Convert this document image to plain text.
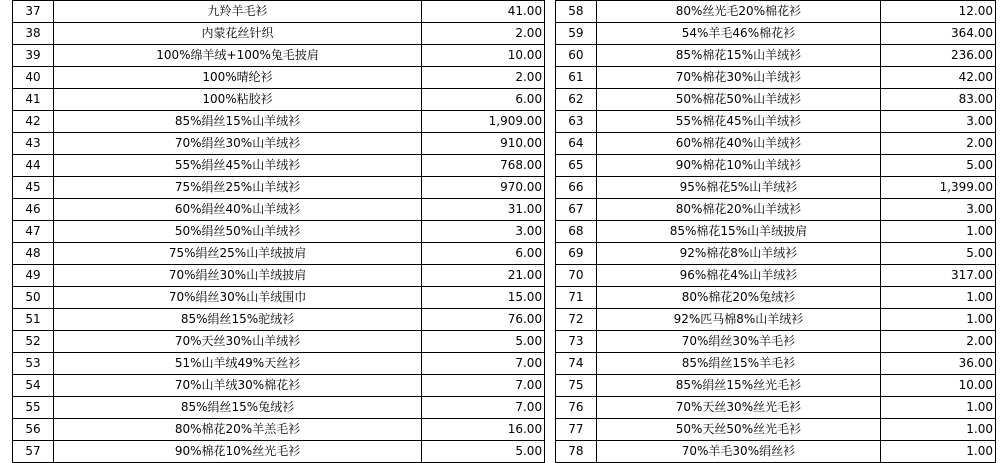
37	九羚羊毛衫	41.00
38	内蒙花丝针织	2.00
39	100%绵羊绒+100%兔毛披肩	10.00
40	100%晴纶衫	2.00
41	100%粘胶衫	6.00
42	85%绢丝15%山羊绒衫	1,909.00
43	70%绢丝30%山羊绒衫	910.00
44	55%绢丝45%山羊绒衫	768.00
45	75%绢丝25%山羊绒衫	970.00
46	60%绢丝40%山羊绒衫	31.00
47	50%绢丝50%山羊绒衫	3.00
48	75%绢丝25%山羊绒披肩	6.00
49	70%绢丝30%山羊绒披肩	21.00
50	70%绢丝30%山羊绒围巾	15.00
51	85%绢丝15%驼绒衫	76.00
52	70%天丝30%山羊绒衫	5.00
53	51%山羊绒49%天丝衫	7.00
54	70%山羊绒30%棉花衫	7.00
55	85%绢丝15%兔绒衫	7.00
56	80%棉花20%羊羔毛衫	16.00
57	90%棉花10%丝光毛衫	5.00
58	80%丝光毛20%棉花衫	12.00
59	54%羊毛46%棉花衫	364.00
60	85%棉花15%山羊绒衫	236.00
61	70%棉花30%山羊绒衫	42.00
62	50%棉花50%山羊绒衫	83.00
63	55%棉花45%山羊绒衫	3.00
64	60%棉花40%山羊绒衫	2.00
65	90%棉花10%山羊绒衫	5.00
66	95%棉花5%山羊绒衫	1,399.00
67	80%棉花20%山羊绒衫	3.00
68	85%棉花15%山羊绒披肩	1.00
69	92%棉花8%山羊绒衫	5.00
70	96%棉花4%山羊绒衫	317.00
71	80%棉花20%兔绒衫	1.00
72	92%匹马棉8%山羊绒衫	1.00
73	70%绢丝30%羊毛衫	2.00
74	85%绢丝15%羊毛衫	36.00
75	85%绢丝15%丝光毛衫	10.00
76	70%天丝30%丝光毛衫	1.00
77	50%天丝50%丝光毛衫	1.00
78	70%羊毛30%绢丝衫	1.00
